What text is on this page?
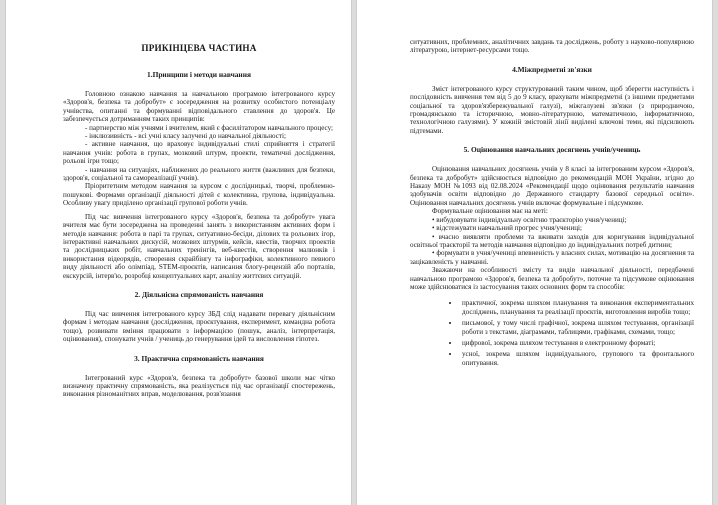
ПРИКІНЦЕВА ЧАСТИНА

1.Принципи і методи навчання

Головною ознакою навчання за навчальною програмою інтегрованого курсу «Здоров'я, безпека та добробут» є зосередження на розвитку особистого потенціалу учнівства, опитанні та формуванні відповідального ставлення до здоров'я. Це забезпечується дотриманням таких принципів:

- партнерство між учнями і вчителем, який є фасилітатором навчального процесу;

- інклюзивність - всі учні класу залучені до навчальної діяльності;

- активне навчання, що враховує індивідуальні стилі сприйняття і стратегії навчання учнів: робота в групах, мозковий штурм, проекти, тематичні дослідження, рольові ігри тощо;

- навчання на ситуаціях, наближених до реального життя (важливих для безпеки, здоров'я, соціальної та самореалізації учнів).

Пріоритетним методом навчання за курсом є дослідницькі, творчі, проблемно-пошукові. Формами організації діяльності дітей є колективна, групова, індивідуальна. Особливу увагу приділено організації групової роботи учнів.

Під час вивчення інтегрованого курсу «Здоров'я, безпека та добробут» увага вчителя має бути зосереджена на проведенні занять з використанням активних форм і методів навчання: робота в парі та групах, ситуативно-бесіди, ділових та рольових ігор, інтерактивні навчальних дискусій, мозкових штурмів, кейсів, квестів, творчих проектів та дослідницьких робіт, навчальних тренінгів, веб-квестів, створення малюнків і використання відеорядів, створення скрайбінгу та інфографіки, колективного певного виду діяльності або олімпіад, STEM-проєктів, написання блогу-рецензій або порталів, екскурсій, інтерв'ю, розробці концептуальних карт, аналізу життєвих ситуацій.

2. Діяльнісна спрямованість навчання

Під час вивчення інтегрованого курсу ЗБД слід надавати перевагу діяльнісним формам і методам навчання (дослідження, проєктування, експеримент, командна робота тощо), розвивати вміння працювати з інформацією (пошук, аналіз, інтерпретація, оцінювання), спонукати учнів / учениць до генерування ідей та висловлення гіпотез.

3. Практична спрямованість навчання

Інтегрований курс «Здоров'я, безпека та добробут» базової школи має чітко визначену практичну спрямованість, яка реалізується під час організації спостережень, виконання різноманітних вправ, моделювання, розв'язання

ситуативних, проблемних, аналітичних завдань та досліджень, роботу з науково-популярною літературою, інтернет-ресурсами тощо.

4.Міжпредметні зв'язки

Зміст інтегрованого курсу структурований таким чином, щоб зберегти наступність і послідовність вивчення тем від 5 до 9 класу, врахувати міжпредметні (з іншими предметами соціальної та здоров'язбережувальної галузі), міжгалузеві зв'язки (з природничою, громадянською та історичною, мовно-літературною, математичною, інформатичною, технологічною галузями). У кожній змістовій лінії виділені ключові теми, які підсилюють підтемами.

5. Оцінювання навчальних досягнень учнів/учениць

Оцінювання навчальних досягнень учнів у 8 класі за інтегрованим курсом «Здоров'я, безпека та добробут» здійснюється відповідно до рекомендацій МОН України, згідно до Наказу МОН №1093 від 02.08.2024 «Рекомендації щодо оцінювання результатів навчання здобувачів освіти відповідно до Державного стандарту базової середньої освіти». Оцінювання навчальних досягнень учнів включає формувальне і підсумкове.

Формувальне оцінювання має на меті:

• вибудовувати індивідуальну освітню траєкторію учня/учениці;

• відстежувати навчальний прогрес учня/учениці;

• вчасно виявляти проблеми та вживати заходів для коригування індивідуальної освітньої траєкторії та методів навчання відповідно до індивідуальних потреб дитини;

• формувати в учня/учениці впевненість у власних силах, мотивацію на досягнення та зацікавленість у навчанні.

Зважаючи на особливості змісту та видів навчальної діяльності, передбачені навчальною програмою «Здоров'я, безпека та добробут», поточне та підсумкове оцінювання може здійснюватися із застосування таких основних форм та способів:

• практичної, зокрема шляхом планування та виконання експериментальних досліджень, планування та реалізації проєктів, виготовлення виробів тощо;
• письмової, у тому числі графічної, зокрема шляхом тестування, організації роботи з текстами, діаграмами, таблицями, графіками, схемами, тощо;
• цифрової, зокрема шляхом тестування в електронному форматі;
• усної, зокрема шляхом індивідуального, групового та фронтального опитування.
